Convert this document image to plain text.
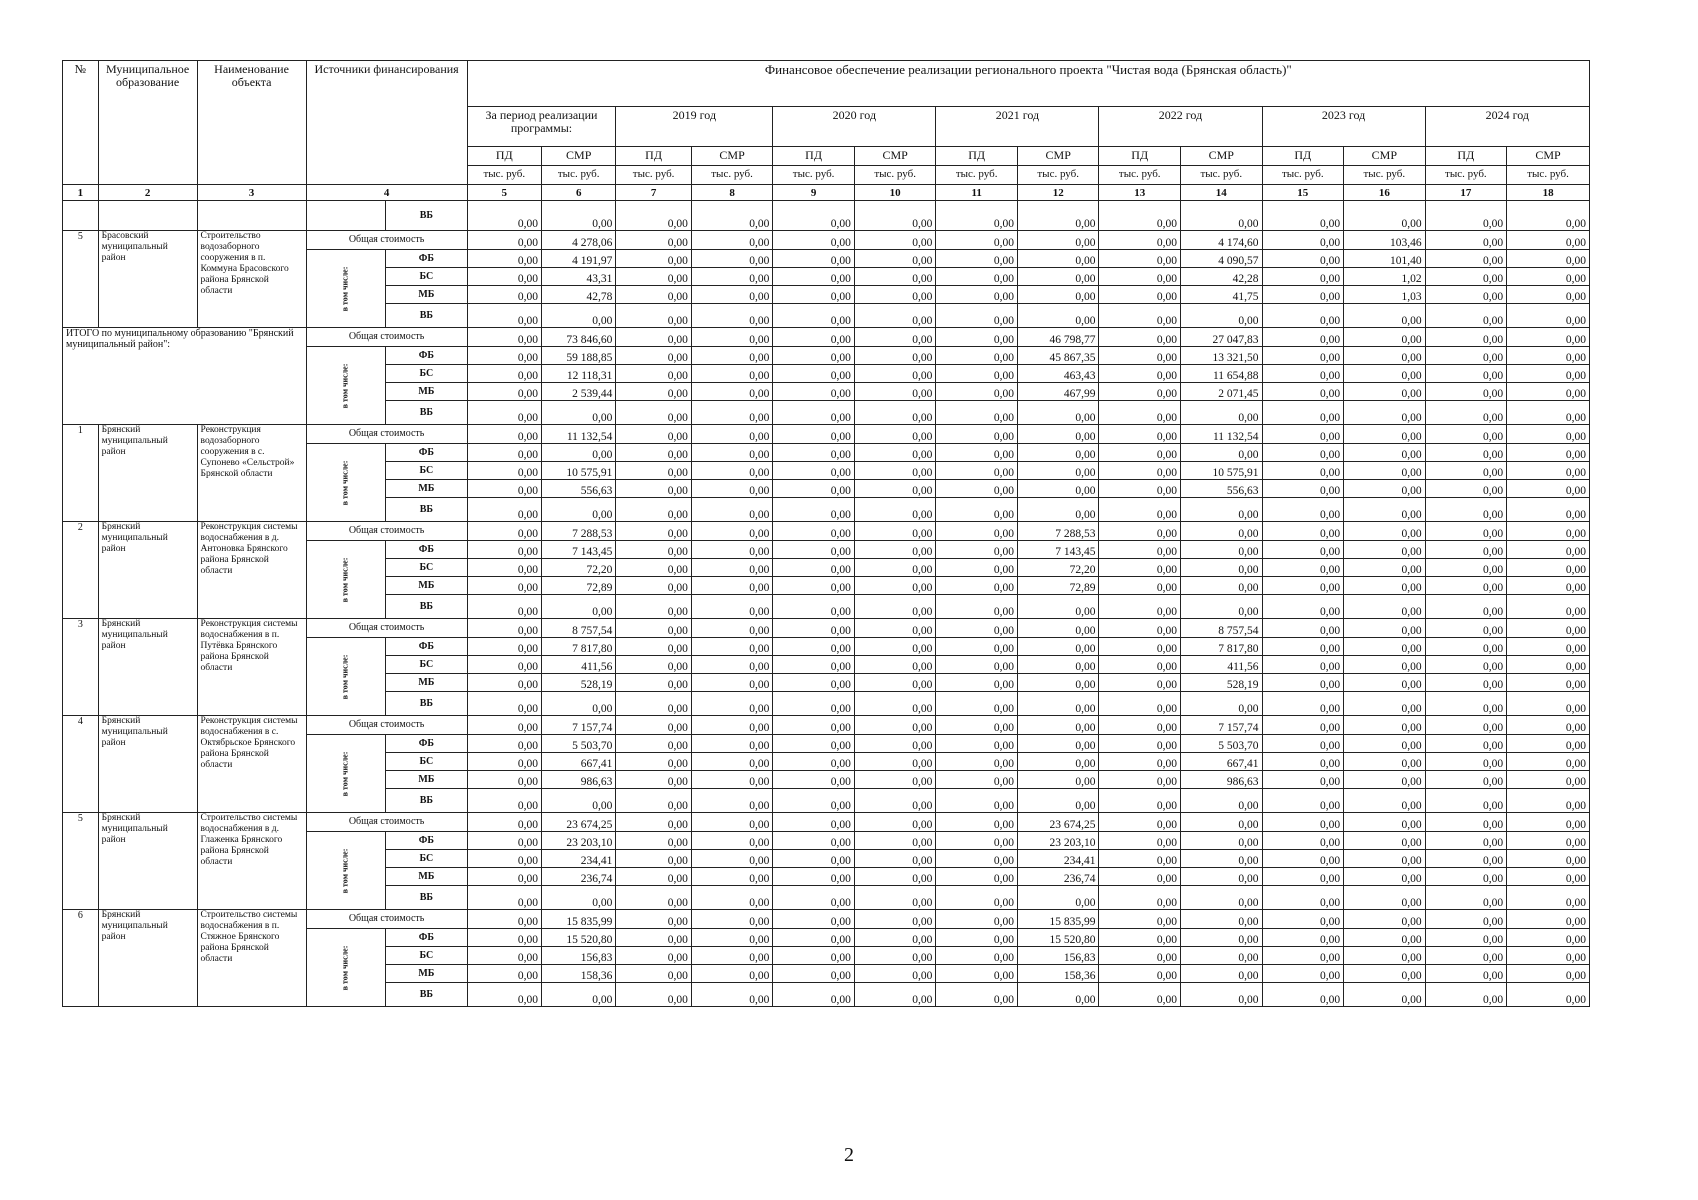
№	Муниципальное образование	Наименование объекта	Источники финансирования		Финансовое обеспечение реализации регионального проекта "Чистая вода (Брянская область)"													
					За период реализации программы:		2019 год		2020 год		2021 год		2022 год		2023 год		2024 год	
					ПД	СМР	ПД	СМР	ПД	СМР	ПД	СМР	ПД	СМР	ПД	СМР	ПД	СМР
					тыс. руб.	тыс. руб.	тыс. руб.	тыс. руб.	тыс. руб.	тыс. руб.	тыс. руб.	тыс. руб.	тыс. руб.	тыс. руб.	тыс. руб.	тыс. руб.	тыс. руб.	тыс. руб.
1	2	3	4		5	6	7	8	9	10	11	12	13	14	15	16	17	18
				ВБ	0,00	0,00	0,00	0,00	0,00	0,00	0,00	0,00	0,00	0,00	0,00	0,00	0,00	0,00
5	Брасовский муниципальный район	Строительство водозаборного сооружения в п. Коммуна Брасовского района Брянской области	Общая стоимость		0,00	4 278,06	0,00	0,00	0,00	0,00	0,00	0,00	0,00	4 174,60	0,00	103,46	0,00	0,00
			в том числе:	ФБ	0,00	4 191,97	0,00	0,00	0,00	0,00	0,00	0,00	0,00	4 090,57	0,00	101,40	0,00	0,00
				БС	0,00	43,31	0,00	0,00	0,00	0,00	0,00	0,00	0,00	42,28	0,00	1,02	0,00	0,00
				МБ	0,00	42,78	0,00	0,00	0,00	0,00	0,00	0,00	0,00	41,75	0,00	1,03	0,00	0,00
				ВБ	0,00	0,00	0,00	0,00	0,00	0,00	0,00	0,00	0,00	0,00	0,00	0,00	0,00	0,00
ИТОГО по муниципальному образованию "Брянский муниципальный район":			Общая стоимость		0,00	73 846,60	0,00	0,00	0,00	0,00	0,00	46 798,77	0,00	27 047,83	0,00	0,00	0,00	0,00
			в том числе:	ФБ	0,00	59 188,85	0,00	0,00	0,00	0,00	0,00	45 867,35	0,00	13 321,50	0,00	0,00	0,00	0,00
				БС	0,00	12 118,31	0,00	0,00	0,00	0,00	0,00	463,43	0,00	11 654,88	0,00	0,00	0,00	0,00
				МБ	0,00	2 539,44	0,00	0,00	0,00	0,00	0,00	467,99	0,00	2 071,45	0,00	0,00	0,00	0,00
				ВБ	0,00	0,00	0,00	0,00	0,00	0,00	0,00	0,00	0,00	0,00	0,00	0,00	0,00	0,00
1	Брянский муниципальный район	Реконструкция водозаборного сооружения в с. Супонево «Сельстрой» Брянской области	Общая стоимость		0,00	11 132,54	0,00	0,00	0,00	0,00	0,00	0,00	0,00	11 132,54	0,00	0,00	0,00	0,00
			в том числе:	ФБ	0,00	0,00	0,00	0,00	0,00	0,00	0,00	0,00	0,00	0,00	0,00	0,00	0,00	0,00
				БС	0,00	10 575,91	0,00	0,00	0,00	0,00	0,00	0,00	0,00	10 575,91	0,00	0,00	0,00	0,00
				МБ	0,00	556,63	0,00	0,00	0,00	0,00	0,00	0,00	0,00	556,63	0,00	0,00	0,00	0,00
				ВБ	0,00	0,00	0,00	0,00	0,00	0,00	0,00	0,00	0,00	0,00	0,00	0,00	0,00	0,00
2	Брянский муниципальный район	Реконструкция системы водоснабжения в д. Антоновка Брянского района Брянской области	Общая стоимость		0,00	7 288,53	0,00	0,00	0,00	0,00	0,00	7 288,53	0,00	0,00	0,00	0,00	0,00	0,00
			в том числе:	ФБ	0,00	7 143,45	0,00	0,00	0,00	0,00	0,00	7 143,45	0,00	0,00	0,00	0,00	0,00	0,00
				БС	0,00	72,20	0,00	0,00	0,00	0,00	0,00	72,20	0,00	0,00	0,00	0,00	0,00	0,00
				МБ	0,00	72,89	0,00	0,00	0,00	0,00	0,00	72,89	0,00	0,00	0,00	0,00	0,00	0,00
				ВБ	0,00	0,00	0,00	0,00	0,00	0,00	0,00	0,00	0,00	0,00	0,00	0,00	0,00	0,00
3	Брянский муниципальный район	Реконструкция системы водоснабжения в п. Путёвка Брянского района Брянской области	Общая стоимость		0,00	8 757,54	0,00	0,00	0,00	0,00	0,00	0,00	0,00	8 757,54	0,00	0,00	0,00	0,00
			в том числе:	ФБ	0,00	7 817,80	0,00	0,00	0,00	0,00	0,00	0,00	0,00	7 817,80	0,00	0,00	0,00	0,00
				БС	0,00	411,56	0,00	0,00	0,00	0,00	0,00	0,00	0,00	411,56	0,00	0,00	0,00	0,00
				МБ	0,00	528,19	0,00	0,00	0,00	0,00	0,00	0,00	0,00	528,19	0,00	0,00	0,00	0,00
				ВБ	0,00	0,00	0,00	0,00	0,00	0,00	0,00	0,00	0,00	0,00	0,00	0,00	0,00	0,00
4	Брянский муниципальный район	Реконструкция системы водоснабжения в с. Октябрьское Брянского района Брянской области	Общая стоимость		0,00	7 157,74	0,00	0,00	0,00	0,00	0,00	0,00	0,00	7 157,74	0,00	0,00	0,00	0,00
			в том числе:	ФБ	0,00	5 503,70	0,00	0,00	0,00	0,00	0,00	0,00	0,00	5 503,70	0,00	0,00	0,00	0,00
				БС	0,00	667,41	0,00	0,00	0,00	0,00	0,00	0,00	0,00	667,41	0,00	0,00	0,00	0,00
				МБ	0,00	986,63	0,00	0,00	0,00	0,00	0,00	0,00	0,00	986,63	0,00	0,00	0,00	0,00
				ВБ	0,00	0,00	0,00	0,00	0,00	0,00	0,00	0,00	0,00	0,00	0,00	0,00	0,00	0,00
5	Брянский муниципальный район	Строительство системы водоснабжения в д. Глаженка Брянского района Брянской области	Общая стоимость		0,00	23 674,25	0,00	0,00	0,00	0,00	0,00	23 674,25	0,00	0,00	0,00	0,00	0,00	0,00
			в том числе:	ФБ	0,00	23 203,10	0,00	0,00	0,00	0,00	0,00	23 203,10	0,00	0,00	0,00	0,00	0,00	0,00
				БС	0,00	234,41	0,00	0,00	0,00	0,00	0,00	234,41	0,00	0,00	0,00	0,00	0,00	0,00
				МБ	0,00	236,74	0,00	0,00	0,00	0,00	0,00	236,74	0,00	0,00	0,00	0,00	0,00	0,00
				ВБ	0,00	0,00	0,00	0,00	0,00	0,00	0,00	0,00	0,00	0,00	0,00	0,00	0,00	0,00
6	Брянский муниципальный район	Строительство системы водоснабжения в п. Стяжное Брянского района Брянской области	Общая стоимость		0,00	15 835,99	0,00	0,00	0,00	0,00	0,00	15 835,99	0,00	0,00	0,00	0,00	0,00	0,00
			в том числе:	ФБ	0,00	15 520,80	0,00	0,00	0,00	0,00	0,00	15 520,80	0,00	0,00	0,00	0,00	0,00	0,00
				БС	0,00	156,83	0,00	0,00	0,00	0,00	0,00	156,83	0,00	0,00	0,00	0,00	0,00	0,00
				МБ	0,00	158,36	0,00	0,00	0,00	0,00	0,00	158,36	0,00	0,00	0,00	0,00	0,00	0,00
				ВБ	0,00	0,00	0,00	0,00	0,00	0,00	0,00	0,00	0,00	0,00	0,00	0,00	0,00	0,00
2
